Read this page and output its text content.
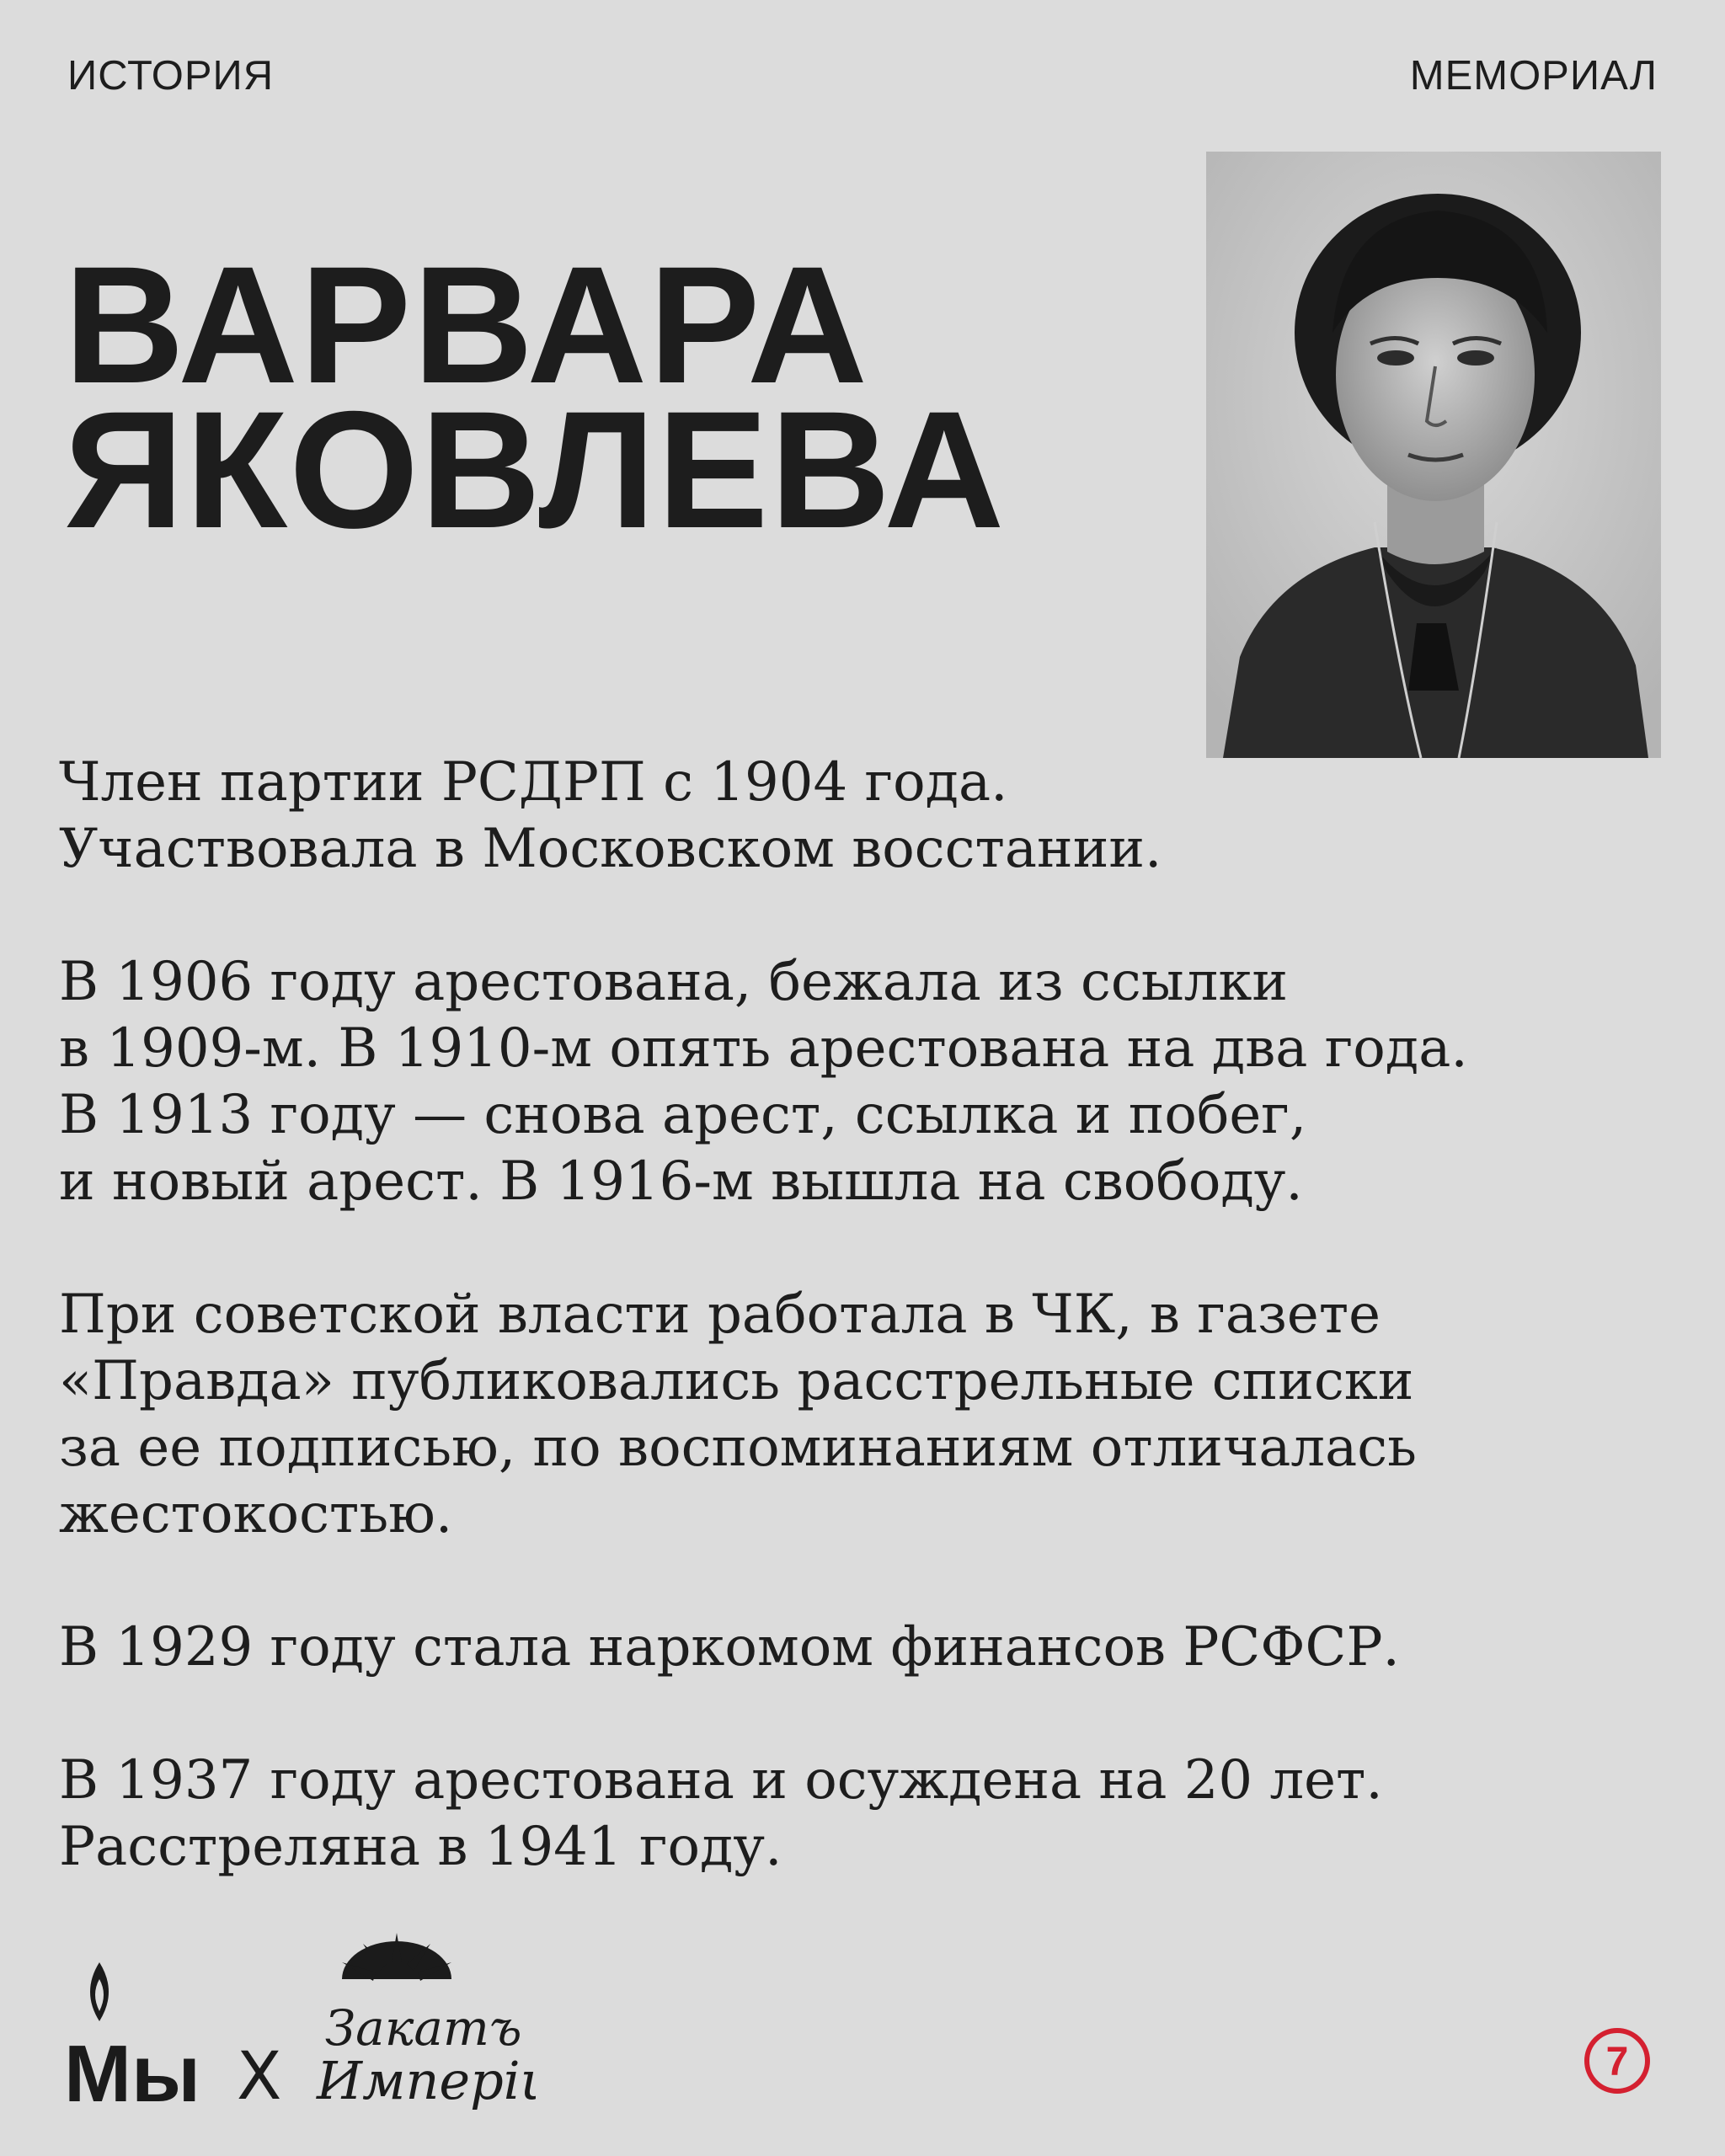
ИСТОРИЯ	МЕМОРИАЛ
ВАРВАРА
ЯКОВЛЕВА

Член партии РСДРП с 1904 года.
Участвовала в Московском восстании.

В 1906 году арестована, бежала из ссылки
в 1909-м. В 1910-м опять арестована на два года.
В 1913 году — снова арест, ссылка и побег,
и новый арест. В 1916-м вышла на свободу.

При советской власти работала в ЧК, в газете
«Правда» публиковались расстрельные списки
за ее подписью, по воспоминаниям отличалась
жестокостью.

В 1929 году стала наркомом финансов РСФСР.

В 1937 году арестована и осуждена на 20 лет.
Расстреляна в 1941 году.

Мы Х
Закатъ
Имперіи	7
